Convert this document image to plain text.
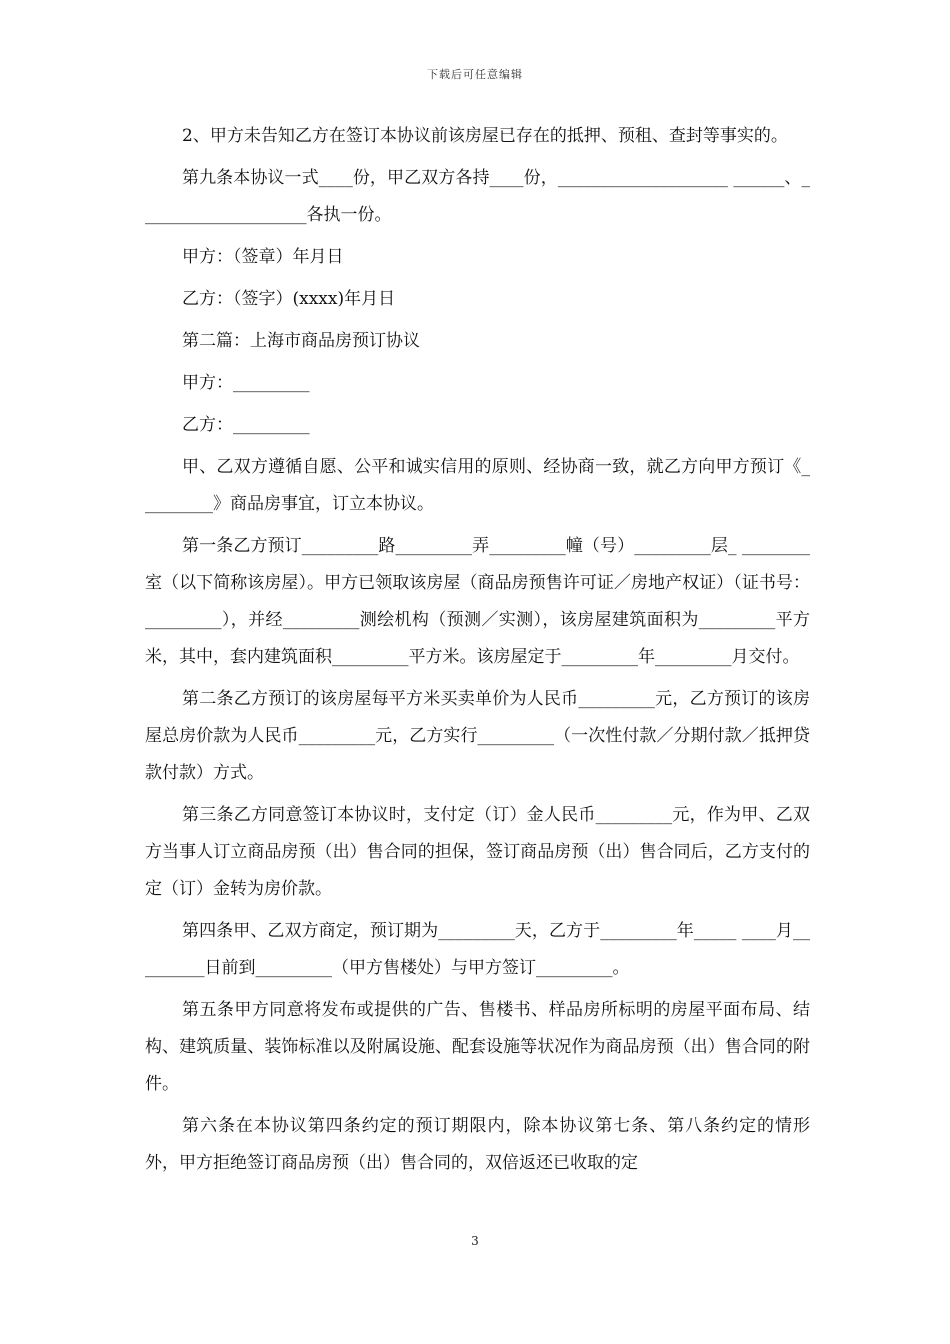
下载后可任意编辑

2、甲方未告知乙方在签订本协议前该房屋已存在的抵押、预租、查封等事实的。

第九条本协议一式____份，甲乙双方各持____份，____________________ ______、____________________各执一份。

甲方：（签章）年月日

乙方：（签字）(xxxx)年月日

第二篇：上海市商品房预订协议

甲方：_________

乙方：_________

甲、乙双方遵循自愿、公平和诚实信用的原则、经协商一致，就乙方向甲方预订《_________》商品房事宜，订立本协议。

第一条乙方预订_________路_________弄_________幢（号）_________层_ ________室（以下简称该房屋）。甲方已领取该房屋（商品房预售许可证／房地产权证）（证书号：_________），并经_________测绘机构（预测／实测），该房屋建筑面积为_________平方米，其中，套内建筑面积_________平方米。该房屋定于_________年_________月交付。

第二条乙方预订的该房屋每平方米买卖单价为人民币_________元，乙方预订的该房屋总房价款为人民币_________元，乙方实行_________（一次性付款／分期付款／抵押贷款付款）方式。

第三条乙方同意签订本协议时，支付定（订）金人民币_________元，作为甲、乙双方当事人订立商品房预（出）售合同的担保，签订商品房预（出）售合同后，乙方支付的定（订）金转为房价款。

第四条甲、乙双方商定，预订期为_________天，乙方于_________年_____ ____月_________日前到_________（甲方售楼处）与甲方签订_________。

第五条甲方同意将发布或提供的广告、售楼书、样品房所标明的房屋平面布局、结构、建筑质量、装饰标准以及附属设施、配套设施等状况作为商品房预（出）售合同的附件。

第六条在本协议第四条约定的预订期限内，除本协议第七条、第八条约定的情形外，甲方拒绝签订商品房预（出）售合同的，双倍返还已收取的定

3
